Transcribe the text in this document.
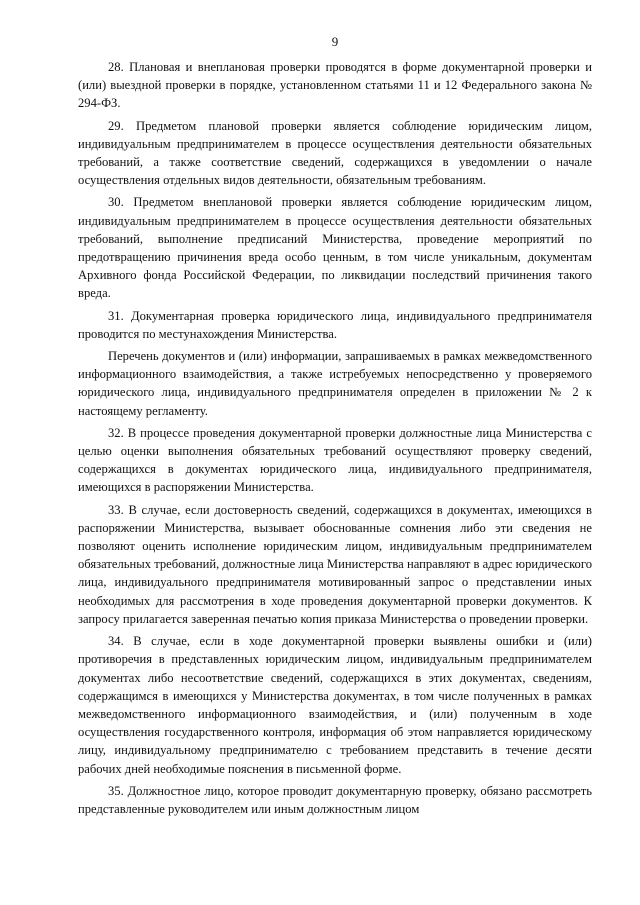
9

28. Плановая и внеплановая проверки проводятся в форме документарной проверки и (или) выездной проверки в порядке, установленном статьями 11 и 12 Федерального закона № 294-ФЗ.

29. Предметом плановой проверки является соблюдение юридическим лицом, индивидуальным предпринимателем в процессе осуществления деятельности обязательных требований, а также соответствие сведений, содержащихся в уведомлении о начале осуществления отдельных видов деятельности, обязательным требованиям.

30. Предметом внеплановой проверки является соблюдение юридическим лицом, индивидуальным предпринимателем в процессе осуществления деятельности обязательных требований, выполнение предписаний Министерства, проведение мероприятий по предотвращению причинения вреда особо ценным, в том числе уникальным, документам Архивного фонда Российской Федерации, по ликвидации последствий причинения такого вреда.

31. Документарная проверка юридического лица, индивидуального предпринимателя проводится по местунахождения Министерства.

Перечень документов и (или) информации, запрашиваемых в рамках межведомственного информационного взаимодействия, а также истребуемых непосредственно у проверяемого юридического лица, индивидуального предпринимателя определен в приложении № 2 к настоящему регламенту.

32. В процессе проведения документарной проверки должностные лица Министерства с целью оценки выполнения обязательных требований осуществляют проверку сведений, содержащихся в документах юридического лица, индивидуального предпринимателя, имеющихся в распоряжении Министерства.

33. В случае, если достоверность сведений, содержащихся в документах, имеющихся в распоряжении Министерства, вызывает обоснованные сомнения либо эти сведения не позволяют оценить исполнение юридическим лицом, индивидуальным предпринимателем обязательных требований, должностные лица Министерства направляют в адрес юридического лица, индивидуального предпринимателя мотивированный запрос о представлении иных необходимых для рассмотрения в ходе проведения документарной проверки документов. К запросу прилагается заверенная печатью копия приказа Министерства о проведении проверки.

34. В случае, если в ходе документарной проверки выявлены ошибки и (или) противоречия в представленных юридическим лицом, индивидуальным предпринимателем документах либо несоответствие сведений, содержащихся в этих документах, сведениям, содержащимся в имеющихся у Министерства документах, в том числе полученных в рамках межведомственного информационного взаимодействия, и (или) полученным в ходе осуществления государственного контроля, информация об этом направляется юридическому лицу, индивидуальному предпринимателю с требованием представить в течение десяти рабочих дней необходимые пояснения в письменной форме.

35. Должностное лицо, которое проводит документарную проверку, обязано рассмотреть представленные руководителем или иным должностным лицом
